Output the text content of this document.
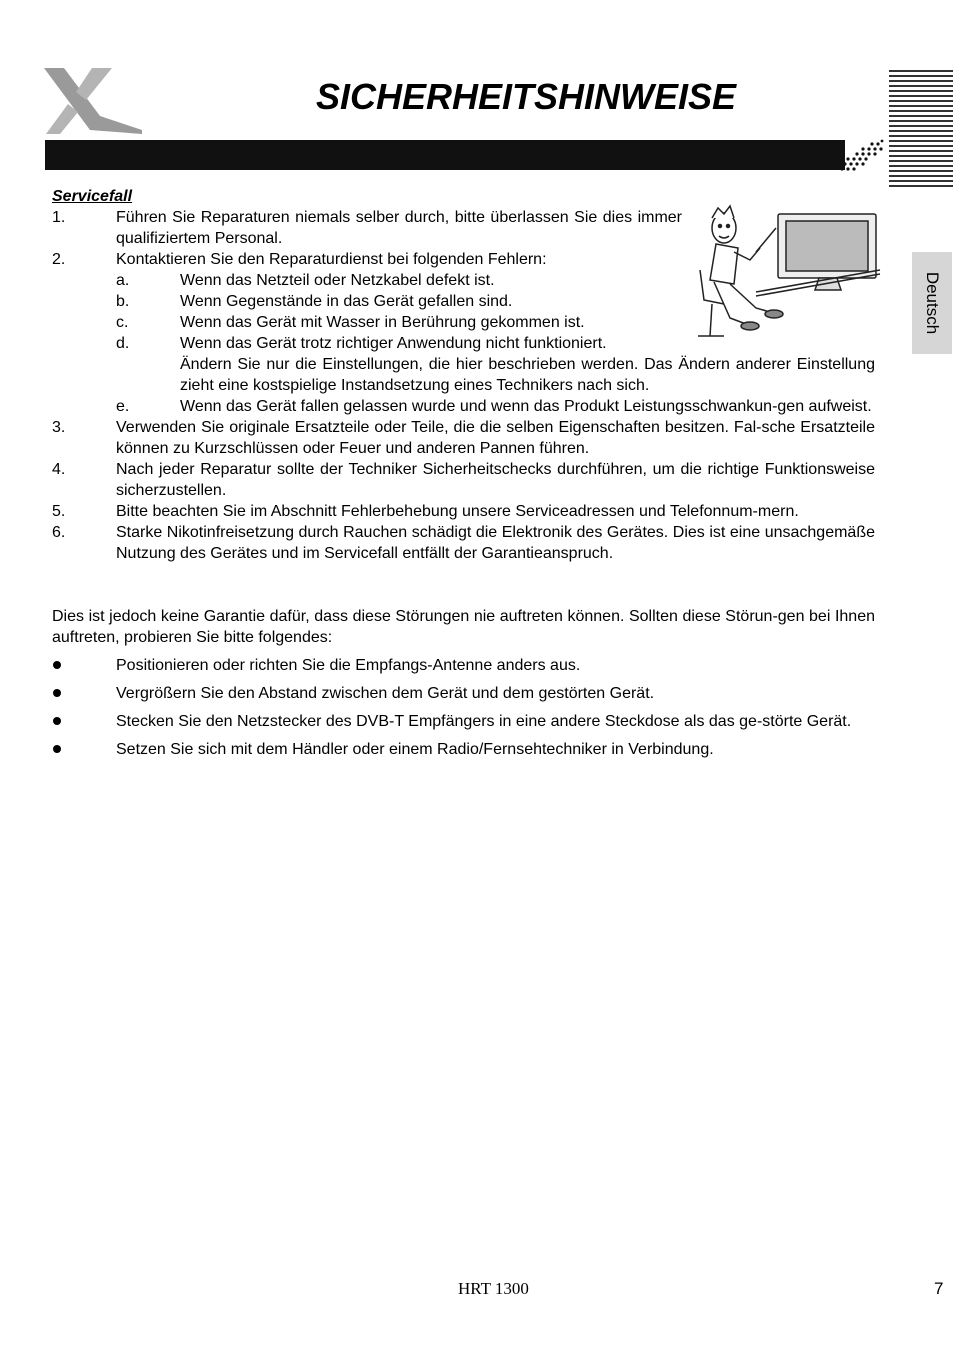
SICHERHEITSHINWEISE
Deutsch

Servicefall

1.	Führen Sie Reparaturen niemals selber durch, bitte überlassen Sie dies immer qualifiziertem Personal.
2.	Kontaktieren Sie den Reparaturdienst bei folgenden Fehlern:
a.	Wenn das Netzteil oder Netzkabel defekt ist.
b.	Wenn Gegenstände in das Gerät gefallen sind.
c.	Wenn das Gerät mit Wasser in Berührung gekommen ist.
d.	Wenn das Gerät trotz richtiger Anwendung nicht funktioniert.
Ändern Sie nur die Einstellungen, die hier beschrieben werden. Das Ändern anderer Einstellung zieht eine kostspielige Instandsetzung eines Technikers nach sich.
e.	Wenn das Gerät fallen gelassen wurde und wenn das Produkt Leistungsschwankun-gen aufweist.
3.	Verwenden Sie originale Ersatzteile oder Teile, die die selben Eigenschaften besitzen. Fal-sche Ersatzteile können zu Kurzschlüssen oder Feuer und anderen Pannen führen.
4.	Nach jeder Reparatur sollte der Techniker Sicherheitschecks durchführen, um die richtige Funktionsweise sicherzustellen.
5.	Bitte beachten Sie im Abschnitt Fehlerbehebung unsere Serviceadressen und Telefonnum-mern.
6.	Starke Nikotinfreisetzung durch Rauchen schädigt die Elektronik des Gerätes. Dies ist eine unsachgemäße Nutzung des Gerätes und im Servicefall entfällt der Garantieanspruch.

Dies ist jedoch keine Garantie dafür, dass diese Störungen nie auftreten können. Sollten diese Störun-gen bei Ihnen auftreten, probieren Sie bitte folgendes:

Positionieren oder richten Sie die Empfangs-Antenne anders aus.
Vergrößern Sie den Abstand zwischen dem Gerät und dem gestörten Gerät.
Stecken Sie den Netzstecker des DVB-T Empfängers in eine andere Steckdose als das ge-störte Gerät.
Setzen Sie sich mit dem Händler oder einem Radio/Fernsehtechniker in Verbindung.
HRT 1300	7
